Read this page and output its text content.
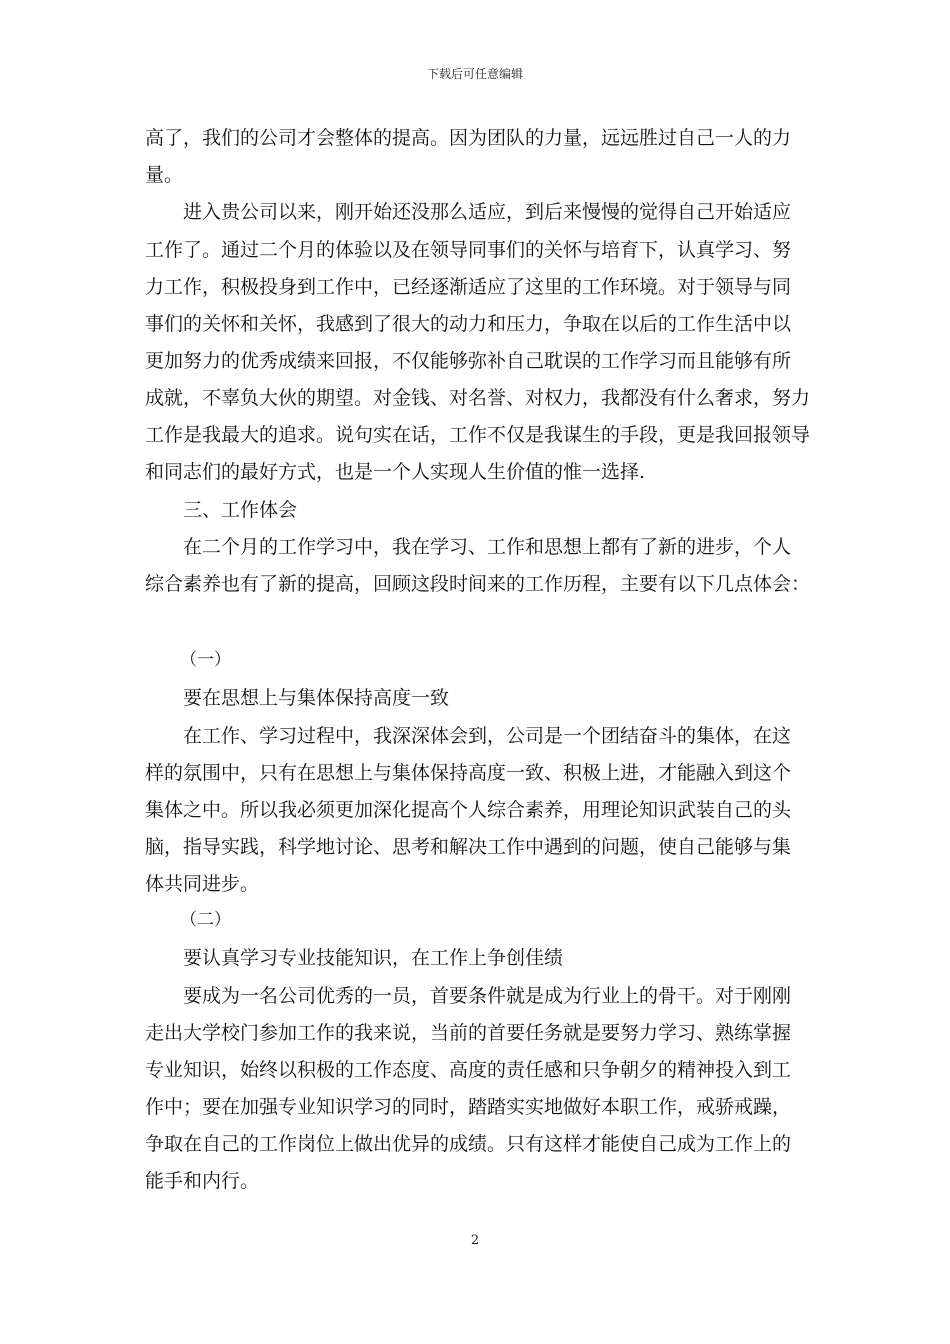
下载后可任意编辑
高了，我们的公司才会整体的提高。因为团队的力量，远远胜过自己一人的力
量。
进入贵公司以来，刚开始还没那么适应，到后来慢慢的觉得自己开始适应
工作了。通过二个月的体验以及在领导同事们的关怀与培育下，认真学习、努
力工作，积极投身到工作中，已经逐渐适应了这里的工作环境。对于领导与同
事们的关怀和关怀，我感到了很大的动力和压力，争取在以后的工作生活中以
更加努力的优秀成绩来回报，不仅能够弥补自己耽误的工作学习而且能够有所
成就，不辜负大伙的期望。对金钱、对名誉、对权力，我都没有什么奢求，努力
工作是我最大的追求。说句实在话，工作不仅是我谋生的手段，更是我回报领导
和同志们的最好方式，也是一个人实现人生价值的惟一选择.
三、工作体会
在二个月的工作学习中，我在学习、工作和思想上都有了新的进步，个人
综合素养也有了新的提高，回顾这段时间来的工作历程，主要有以下几点体会：
（一）
要在思想上与集体保持高度一致
在工作、学习过程中，我深深体会到，公司是一个团结奋斗的集体，在这
样的氛围中，只有在思想上与集体保持高度一致、积极上进，才能融入到这个
集体之中。所以我必须更加深化提高个人综合素养，用理论知识武装自己的头
脑，指导实践，科学地讨论、思考和解决工作中遇到的问题，使自己能够与集
体共同进步。
（二）
要认真学习专业技能知识，在工作上争创佳绩
要成为一名公司优秀的一员，首要条件就是成为行业上的骨干。对于刚刚
走出大学校门参加工作的我来说，当前的首要任务就是要努力学习、熟练掌握
专业知识，始终以积极的工作态度、高度的责任感和只争朝夕的精神投入到工
作中；要在加强专业知识学习的同时，踏踏实实地做好本职工作，戒骄戒躁，
争取在自己的工作岗位上做出优异的成绩。只有这样才能使自己成为工作上的
能手和内行。
2
